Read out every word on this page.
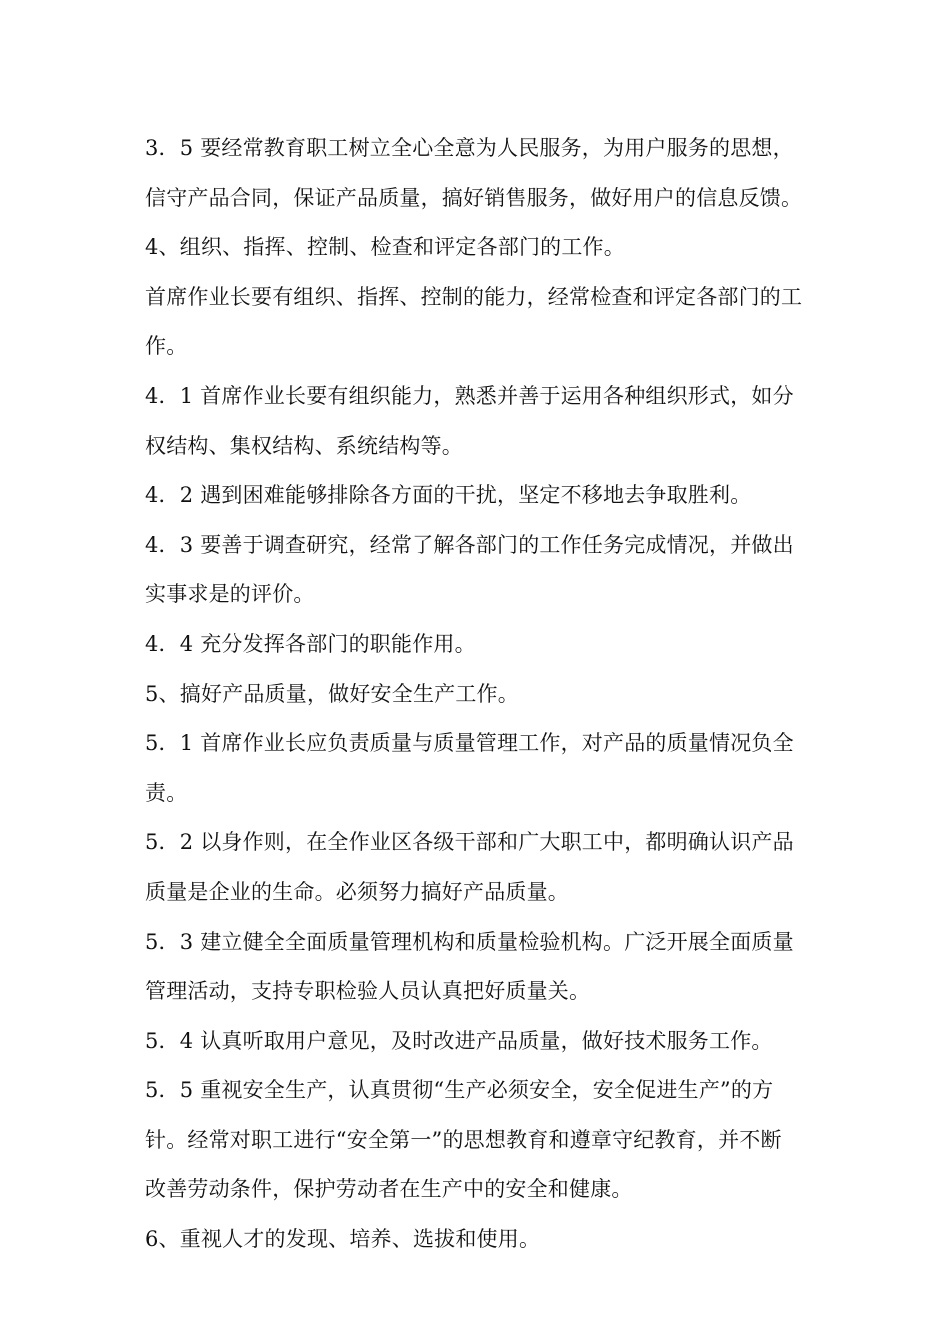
3．5 要经常教育职工树立全心全意为人民服务，为用户服务的思想，
信守产品合同，保证产品质量，搞好销售服务，做好用户的信息反馈。
4、组织、指挥、控制、检查和评定各部门的工作。
首席作业长要有组织、指挥、控制的能力，经常检查和评定各部门的工
作。
4．1 首席作业长要有组织能力，熟悉并善于运用各种组织形式，如分
权结构、集权结构、系统结构等。
4．2 遇到困难能够排除各方面的干扰，坚定不移地去争取胜利。
4．3 要善于调查研究，经常了解各部门的工作任务完成情况，并做出
实事求是的评价。
4．4 充分发挥各部门的职能作用。
5、搞好产品质量，做好安全生产工作。
5．1 首席作业长应负责质量与质量管理工作，对产品的质量情况负全
责。
5．2 以身作则，在全作业区各级干部和广大职工中，都明确认识产品
质量是企业的生命。必须努力搞好产品质量。
5．3 建立健全全面质量管理机构和质量检验机构。广泛开展全面质量
管理活动，支持专职检验人员认真把好质量关。
5．4 认真听取用户意见，及时改进产品质量，做好技术服务工作。
5．5 重视安全生产，认真贯彻“生产必须安全，安全促进生产”的方
针。经常对职工进行“安全第一”的思想教育和遵章守纪教育，并不断
改善劳动条件，保护劳动者在生产中的安全和健康。
6、重视人才的发现、培养、选拔和使用。
